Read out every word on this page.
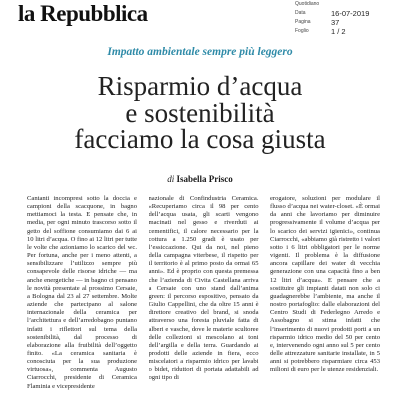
la Repubblica	Quotidiano
Data	16-07-2019
Pagina	37
Foglio	1 / 2
Impatto ambientale sempre più leggero
Risparmio d’acqua
e sostenibilità
facciamo la cosa giusta
di Isabella Prisco
Cantanti incompresi sotto la doccia e campioni della scacquone, in bagno mettiamoci la testa. E pensate che, in media, per ogni minuto trascorso sotto il getto del soffione consumiamo dai 6 ai 10 litri d’acqua. O fino ai 12 litri per tutte le volte che azioniamo lo scarico del wc. Per fortuna, anche per i meno attenti, a sensibilizzare l’utilizzo sempre più consapevole delle risorse idriche — ma anche energetiche — in bagno ci pensano le novità presentate al prossimo Cersaie, a Bologna dal 23 al 27 settembre. Molte aziende che partecipano al salone internazionale della ceramica per l’architettura e dell’arredobagno puntano infatti i riflettori sul tema della sostenibilità, dal processo di elaborazione alla fruibilità dell’oggetto finito. «La ceramica sanitaria è conosciuta per la sua produzione virtuosa», commenta Augusto Ciarrocchi, presidente di Ceramica Flaminia e vicepresidente
nazionale di Confindustria Ceramica. «Recuperiamo circa il 98 per cento dell’acqua usata, gli scarti vengono macinati nel gesso e riverduti ai cementifici, il calore necessario per la cottura a 1.250 gradi è usato per l’essiccazione. Qui da noi, nel pieno della campagna viterbese, il rispetto per il territorio è al primo posto da ormai 65 anni». Ed è proprio con questa premessa che l’azienda di Civita Castellana arriva a Cersaie con uno stand dall’anima green: il percorso espositivo, pensato da Giulio Cappellini, che da oltre 15 anni è direttore creativo del brand, si snoda attraverso una foresta pluviale fatta di alberi e vasche, dove le materie scultoree delle collezioni si mescolano ai toni dell’argilla e della terra. Guardando ai prodotti delle aziende in fiera, ecco miscelatori a risparmio idrico per lavabi o bidet, riduttori di portata adattabili ad ogni tipo di
erogatore, soluzioni per modulare il flusso d’acqua nei water-closet. «È ormai da anni che lavoriamo per diminuire progressivamente il volume d’acqua per lo scarico dei servizi igienici», continua Ciarrocchi, «abbiamo già ristretto i valori sotto i 6 litri obbligatori per le norme vigenti. Il problema è la diffusione ancora capillare dei water di vecchia generazione con una capacità fino a ben 12 litri d’acqua». E pensare che a sostituire gli impianti datati non solo ci guadagnerebbe l’ambiente, ma anche il nostro portafoglio: dalle elaborazioni del Centro Studi di Federlegno Arredo e Assobagno si stima infatti che l’inserimento di nuovi prodotti porti a un risparmio idrico medio del 50 per cento e, intervenendo ogni anno sul 5 per cento delle attrezzature sanitarie installate, in 5 anni si potrebbero risparmiare circa 453 milioni di euro per le utenze residenziali.
